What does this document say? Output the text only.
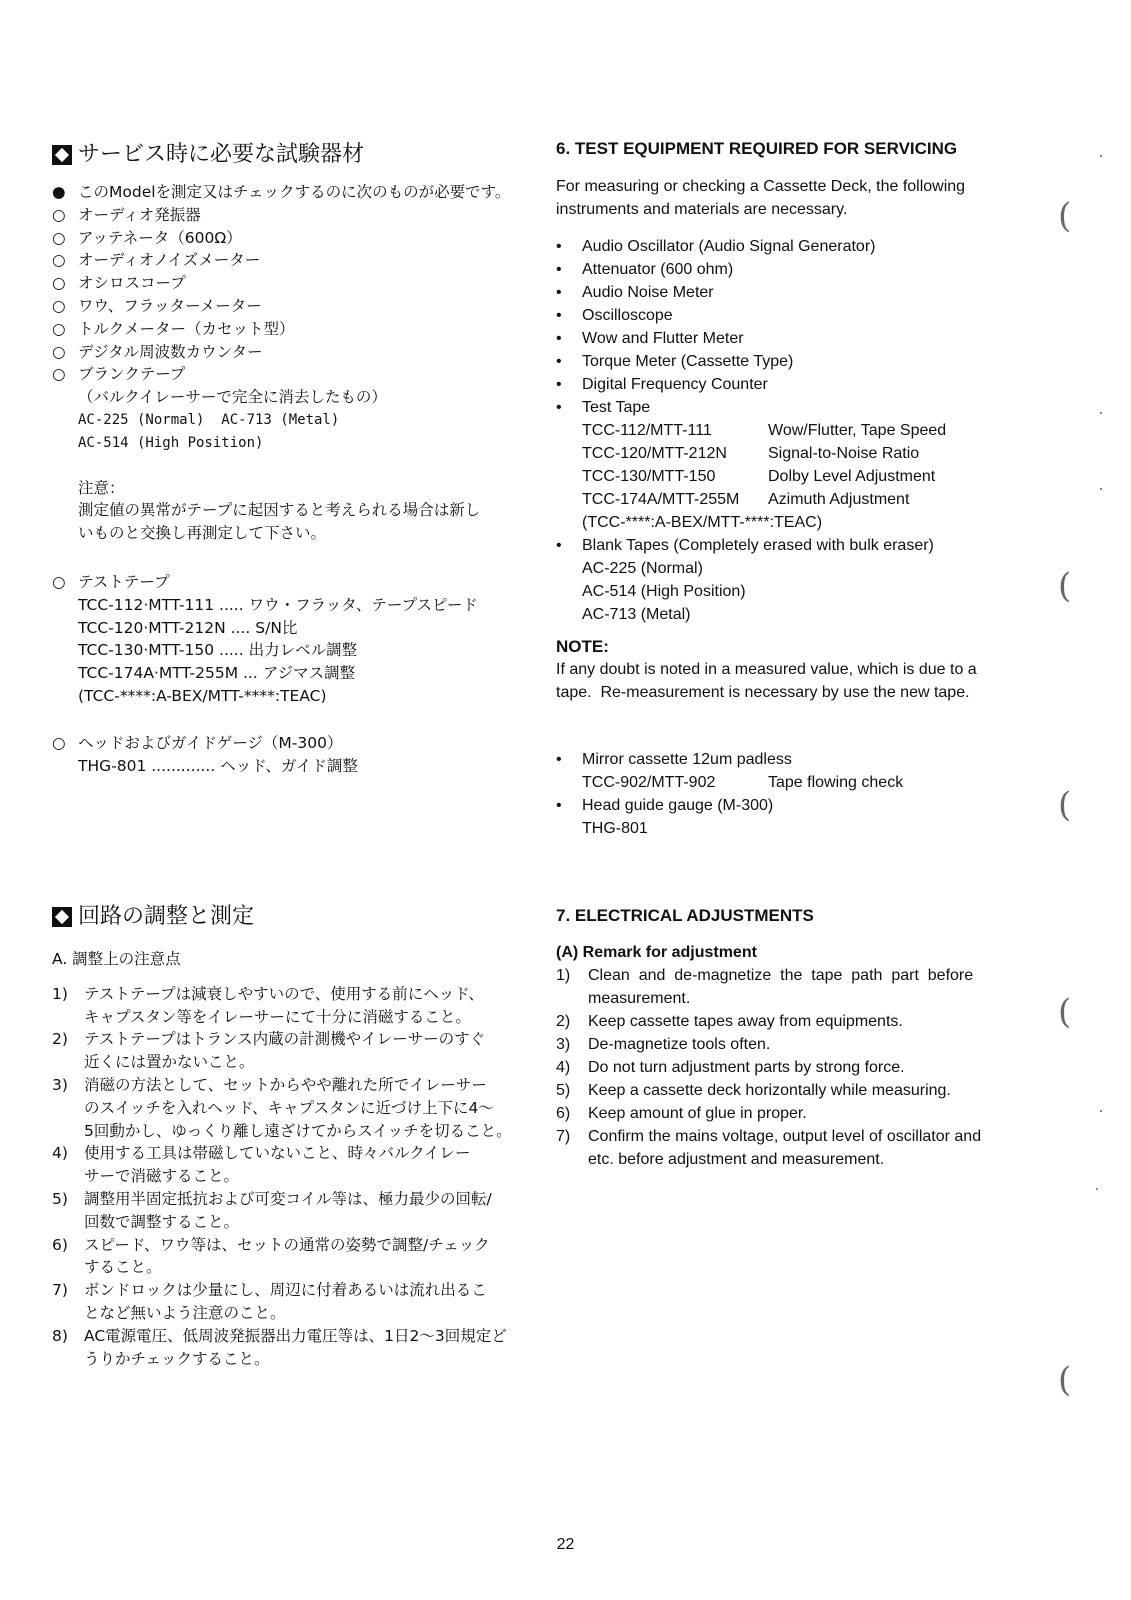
サービス時に必要な試験器材
● このModelを測定又はチェックするのに次のものが必要です。
○ オーディオ発振器
○ アッテネータ（600Ω）
○ オーディオノイズメーター
○ オシロスコープ
○ ワウ、フラッターメーター
○ トルクメーター（カセット型）
○ デジタル周波数カウンター
○ ブランクテープ
（バルクイレーサーで完全に消去したもの）
AC-225 (Normal)  AC-713 (Metal)
AC-514 (High Position)
注意：
測定値の異常がテープに起因すると考えられる場合は新し
いものと交換し再測定して下さい。
○ テストテープ
TCC-112·MTT-111 ..... ワウ・フラッタ、テープスピード
TCC-120·MTT-212N .... S/N比
TCC-130·MTT-150 ..... 出力レベル調整
TCC-174A·MTT-255M ... アジマス調整
(TCC-****:A-BEX/MTT-****:TEAC)
○ ヘッドおよびガイドゲージ（M-300）
THG-801 ............. ヘッド、ガイド調整
回路の調整と測定
A. 調整上の注意点
1)	テストテープは減衰しやすいので、使用する前にヘッド、
キャプスタン等をイレーサーにて十分に消磁すること。
2)	テストテープはトランス内蔵の計測機やイレーサーのすぐ
近くには置かないこと。
3)	消磁の方法として、セットからやや離れた所でイレーサー
のスイッチを入れヘッド、キャプスタンに近づけ上下に4〜
5回動かし、ゆっくり離し遠ざけてからスイッチを切ること。
4)	使用する工具は帯磁していないこと、時々バルクイレー
サーで消磁すること。
5)	調整用半固定抵抗および可変コイル等は、極力最少の回転/
回数で調整すること。
6)	スピード、ワウ等は、セットの通常の姿勢で調整/チェック
すること。
7)	ボンドロックは少量にし、周辺に付着あるいは流れ出るこ
となど無いよう注意のこと。
8)	AC電源電圧、低周波発振器出力電圧等は、1日2〜3回規定ど
うりかチェックすること。
6. TEST EQUIPMENT REQUIRED FOR SERVICING
For measuring or checking a Cassette Deck, the following
instruments and materials are necessary.
•	Audio Oscillator (Audio Signal Generator)
•	Attenuator (600 ohm)
•	Audio Noise Meter
•	Oscilloscope
•	Wow and Flutter Meter
•	Torque Meter (Cassette Type)
•	Digital Frequency Counter
•	Test Tape
TCC-112/MTT-111	Wow/Flutter, Tape Speed
TCC-120/MTT-212N	Signal-to-Noise Ratio
TCC-130/MTT-150	Dolby Level Adjustment
TCC-174A/MTT-255M	Azimuth Adjustment
(TCC-****:A-BEX/MTT-****:TEAC)
•	Blank Tapes (Completely erased with bulk eraser)
AC-225 (Normal)
AC-514 (High Position)
AC-713 (Metal)
NOTE:
If any doubt is noted in a measured value, which is due to a
tape.  Re-measurement is necessary by use the new tape.
•	Mirror cassette 12um padless
TCC-902/MTT-902	Tape flowing check
•	Head guide gauge (M-300)
THG-801
7. ELECTRICAL ADJUSTMENTS
(A) Remark for adjustment
1)	Clean  and  de-magnetize  the  tape  path  part  before
measurement.
2)	Keep cassette tapes away from equipments.
3)	De-magnetize tools often.
4)	Do not turn adjustment parts by strong force.
5)	Keep a cassette deck horizontally while measuring.
6)	Keep amount of glue in proper.
7)	Confirm the mains voltage, output level of oscillator and
etc. before adjustment and measurement.
(
(
(
(
(
22
